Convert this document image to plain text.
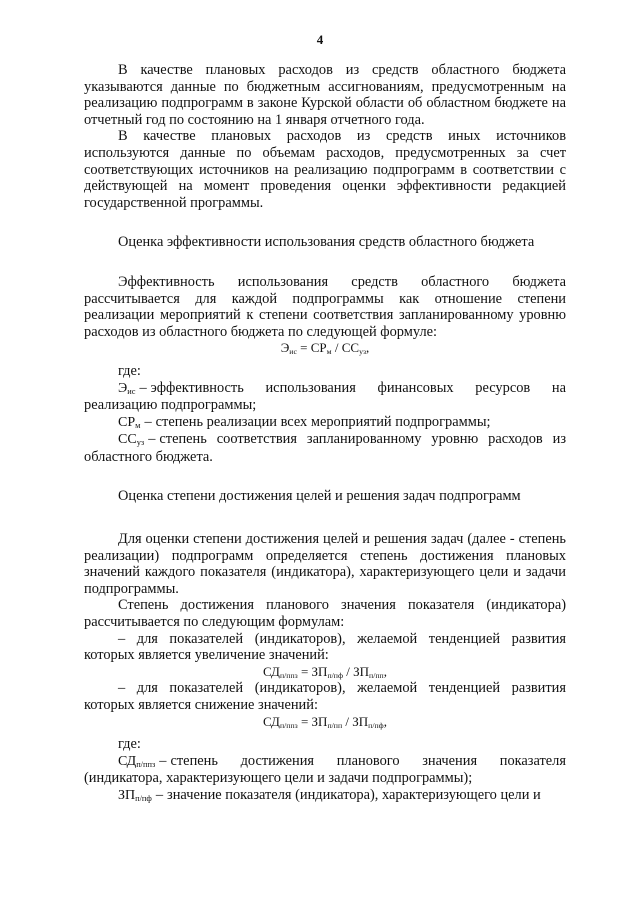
4

В качестве плановых расходов из средств областного бюджета указываются данные по бюджетным ассигнованиям, предусмотренным на реализацию подпрограмм в законе Курской области об областном бюджете на отчетный год по состоянию на 1 января отчетного года.

В качестве плановых расходов из средств иных источников используются данные по объемам расходов, предусмотренных за счет соответствующих источников на реализацию подпрограмм в соответствии с действующей на момент проведения оценки эффективности редакцией государственной программы.

Оценка эффективности использования средств областного бюджета

Эффективность использования средств областного бюджета рассчитывается для каждой подпрограммы как отношение степени реализации мероприятий к степени соответствия запланированному уровню расходов из областного бюджета по следующей формуле:

$Э_{ис} = СР_м / СС_{уз}$,

где:

$Э_{ис}$ – эффективность использования финансовых ресурсов на реализацию подпрограммы;

$СР_м$ – степень реализации всех мероприятий подпрограммы;

$СС_{уз}$ – степень соответствия запланированному уровню расходов из областного бюджета.

Оценка степени достижения целей и решения задач подпрограмм

Для оценки степени достижения целей и решения задач (далее - степень реализации) подпрограмм определяется степень достижения плановых значений каждого показателя (индикатора), характеризующего цели и задачи подпрограммы.

Степень достижения планового значения показателя (индикатора) рассчитывается по следующим формулам:

– для показателей (индикаторов), желаемой тенденцией развития которых является увеличение значений:

$СД_{п/ппз} = ЗП_{п/пф} / ЗП_{п/пп}$,

– для показателей (индикаторов), желаемой тенденцией развития которых является снижение значений:

$СД_{п/ппз} = ЗП_{п/пп} / ЗП_{п/пф}$,

где:

$СД_{п/ппз}$ – степень достижения планового значения показателя (индикатора, характеризующего цели и задачи подпрограммы);

$ЗП_{п/пф}$ – значение показателя (индикатора), характеризующего цели и
